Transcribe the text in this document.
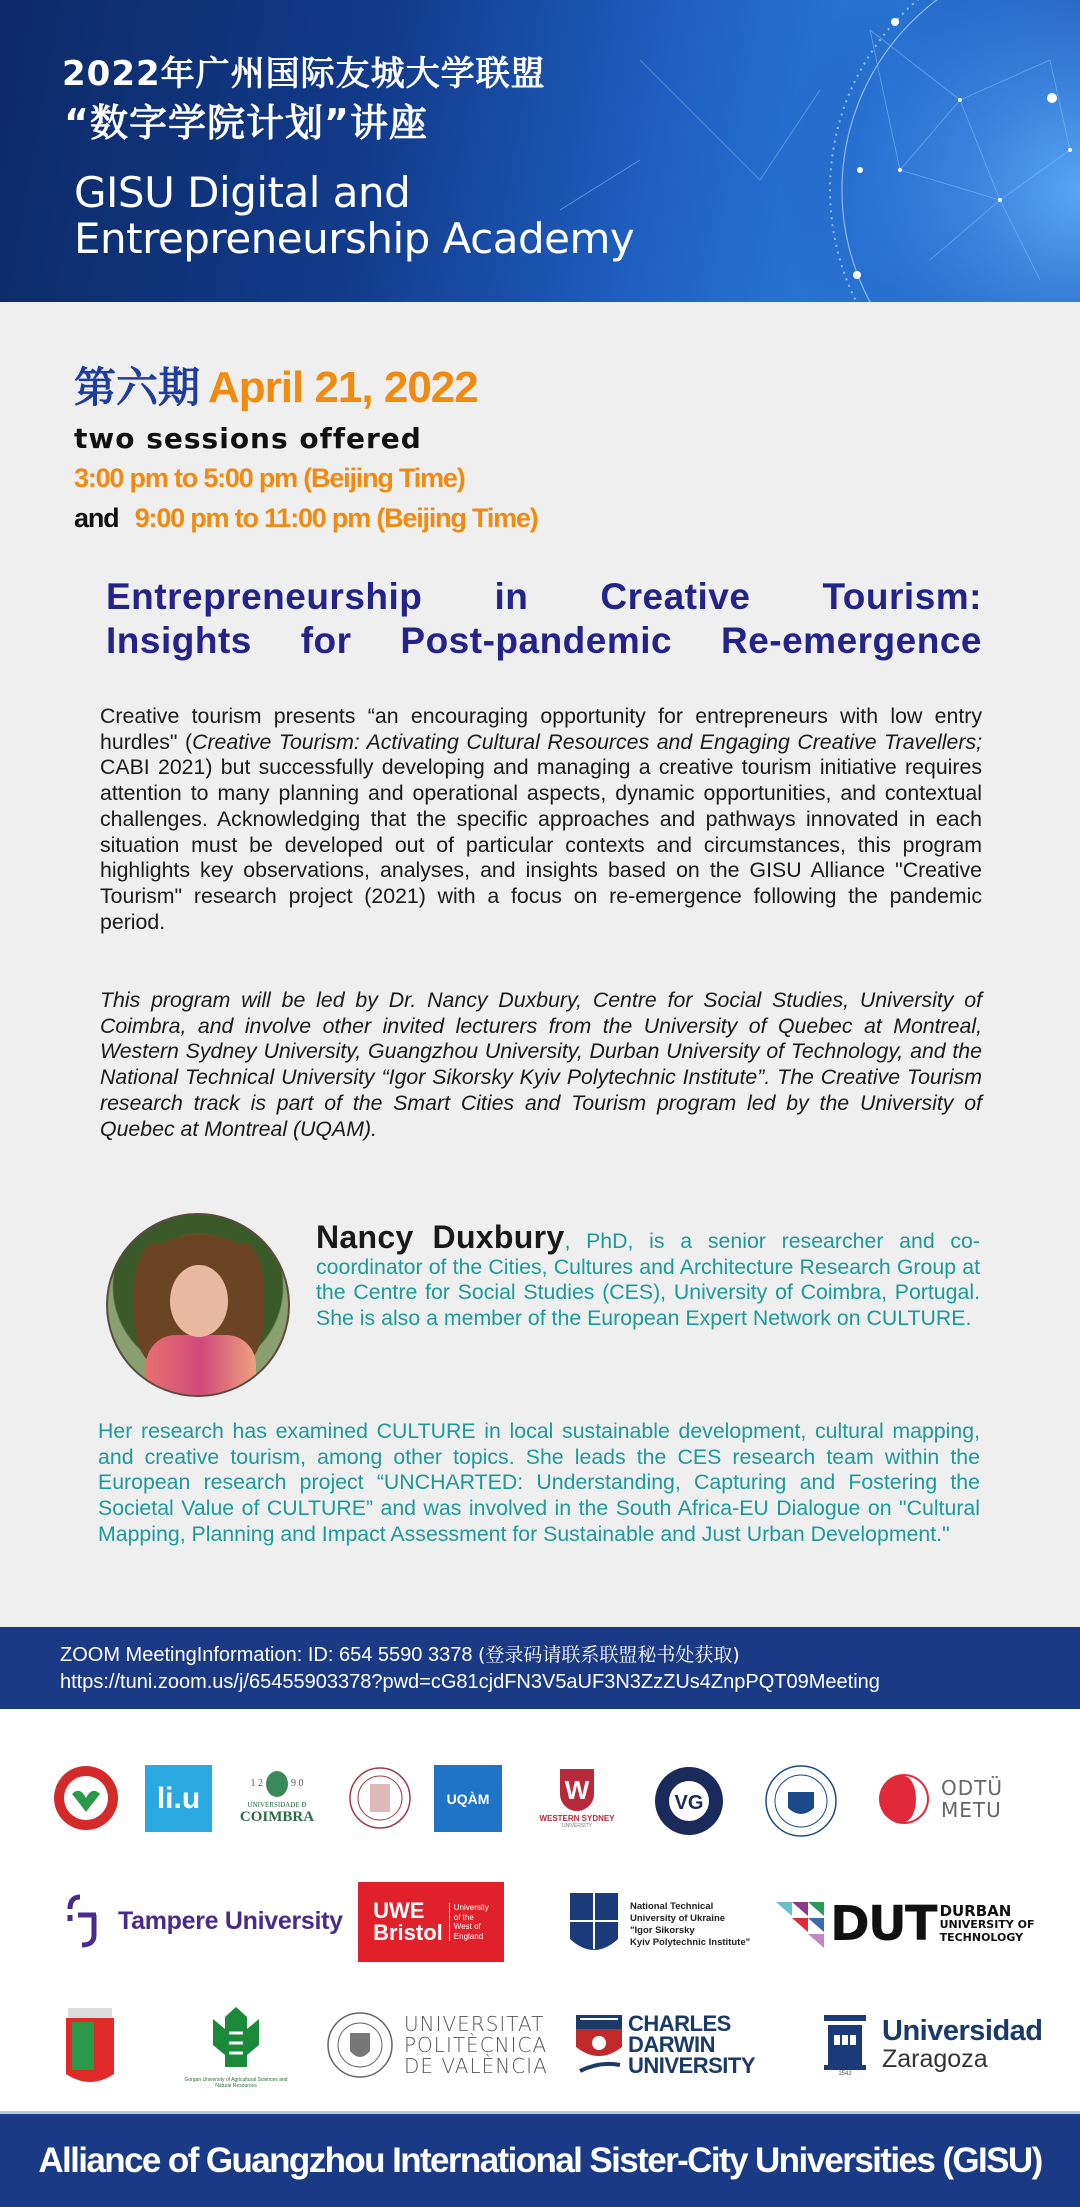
2022年广州国际友城大学联盟
“数字学院计划”讲座
GISU Digital and
Entrepreneurship Academy
第六期 April 21, 2022
two sessions offered
3:00 pm to 5:00 pm (Beijing Time)
and 9:00 pm to 11:00 pm (Beijing Time)
Entrepreneurship in Creative Tourism:
Insights for Post-pandemic Re-emergence
Creative tourism presents “an encouraging opportunity for entrepreneurs with low entry hurdles" (Creative Tourism: Activating Cultural Resources and Engaging Creative Travellers; CABI 2021) but successfully developing and managing a creative tourism initiative requires attention to many planning and operational aspects, dynamic opportunities, and contextual challenges. Acknowledging that the specific approaches and pathways innovated in each situation must be developed out of particular contexts and circumstances, this program highlights key observations, analyses, and insights based on the GISU Alliance "Creative Tourism" research project (2021) with a focus on re-emergence following the pandemic period.
This program will be led by Dr. Nancy Duxbury, Centre for Social Studies, University of Coimbra, and involve other invited lecturers from the University of Quebec at Montreal, Western Sydney University, Guangzhou University, Durban University of Technology, and the National Technical University “Igor Sikorsky Kyiv Polytechnic Institute”. The Creative Tourism research track is part of the Smart Cities and Tourism program led by the University of Quebec at Montreal (UQAM).
Nancy Duxbury, PhD, is a senior researcher and co-coordinator of the Cities, Cultures and Architecture Research Group at the Centre for Social Studies (CES), University of Coimbra, Portugal. She is also a member of the European Expert Network on CULTURE.
Her research has examined CULTURE in local sustainable development, cultural mapping, and creative tourism, among other topics. She leads the CES research team within the European research project “UNCHARTED: Understanding, Capturing and Fostering the Societal Value of CULTURE” and was involved in the South Africa-EU Dialogue on "Cultural Mapping, Planning and Impact Assessment for Sustainable and Just Urban Development."
ZOOM MeetingInformation: ID: 654 5590 3378 (登录码请联系联盟秘书处获取)
https://tuni.zoom.us/j/65455903378?pwd=cG81cjdFN3V5aUF3N3ZzZUs4ZnpPQT09Meeting
li.u	1 2	9 0
UNIVERSIDADE D
COIMBRA
UQÀM	W
WESTERN SYDNEY
UNIVERSITY
VG
ODTÜ
METU
Tampere University UWE
Bristol
University
of the
West of
England
National Technical
University of Ukraine
"Igor Sikorsky
Kyiv Polytechnic Institute" DUT DURBAN
UNIVERSITY OF
TECHNOLOGY
Gorgan University of Agricultural Sciences and Natural Resources
UNIVERSITAT
POLITÈCNICA
DE VALÈNCIA
CHARLES
DARWIN
UNIVERSITY	1542
Universidad
Zaragoza
Alliance of Guangzhou International Sister-City Universities (GISU)
